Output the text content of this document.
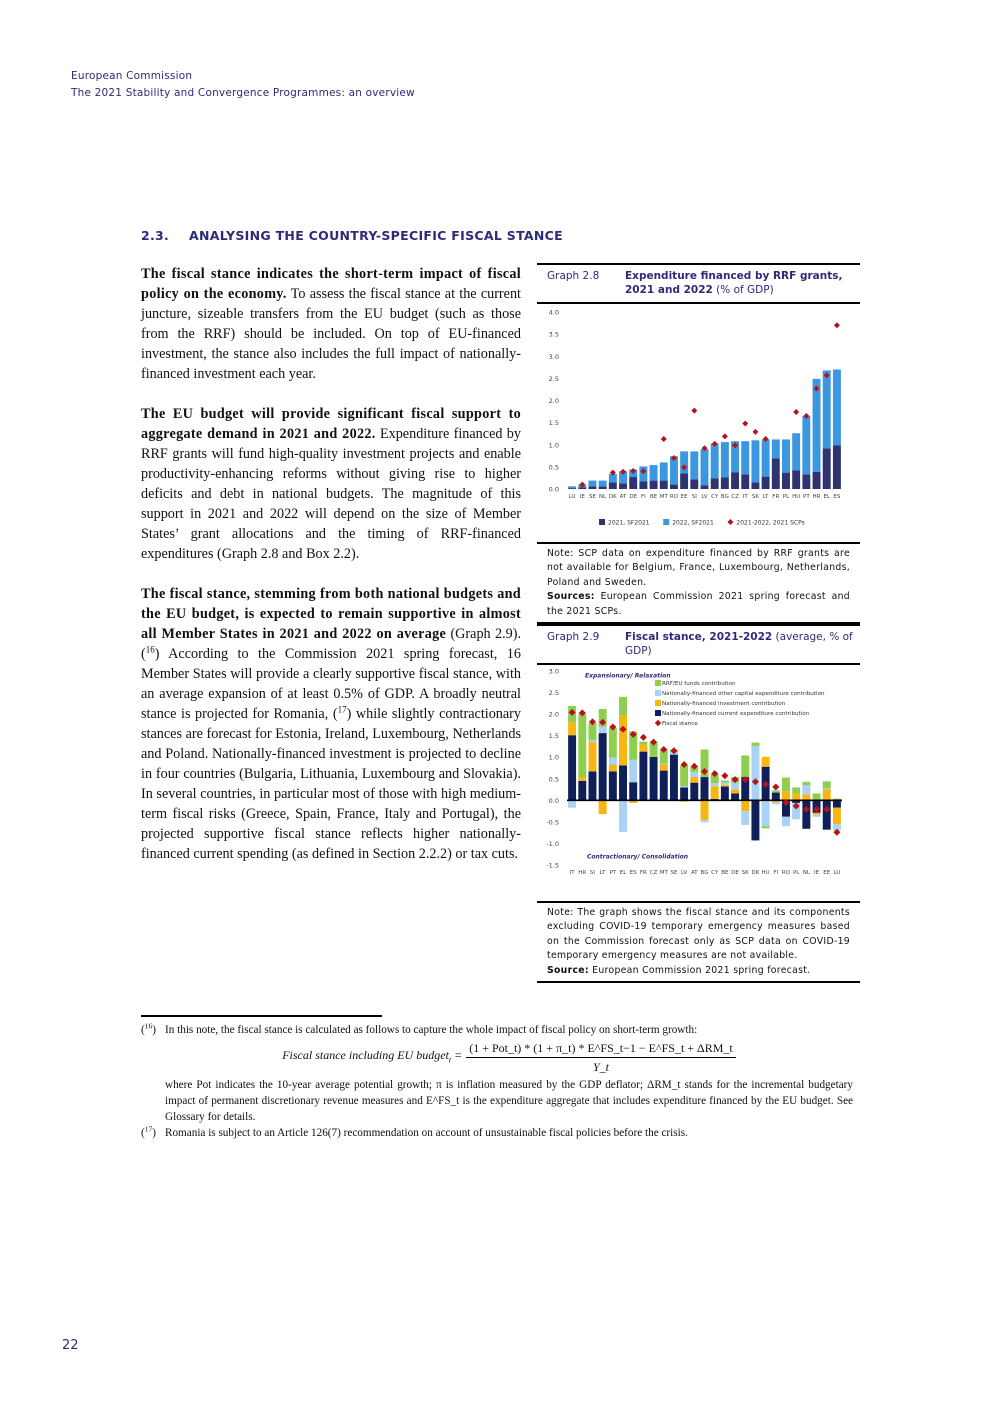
European Commission
The 2021 Stability and Convergence Programmes: an overview
2.3. ANALYSING THE COUNTRY-SPECIFIC FISCAL STANCE

The fiscal stance indicates the short-term impact of fiscal policy on the economy. To assess the fiscal stance at the current juncture, sizeable transfers from the EU budget (such as those from the RRF) should be included. On top of EU-financed investment, the stance also includes the full impact of nationally-financed investment each year.

The EU budget will provide significant fiscal support to aggregate demand in 2021 and 2022. Expenditure financed by RRF grants will fund high-quality investment projects and enable productivity-enhancing reforms without giving rise to higher deficits and debt in national budgets. The magnitude of this support in 2021 and 2022 will depend on the size of Member States’ grant allocations and the timing of RRF-financed expenditures (Graph 2.8 and Box 2.2).

The fiscal stance, stemming from both national budgets and the EU budget, is expected to remain supportive in almost all Member States in 2021 and 2022 on average (Graph 2.9). ($^{16}$) According to the Commission 2021 spring forecast, 16 Member States will provide a clearly supportive fiscal stance, with an average expansion of at least 0.5% of GDP. A broadly neutral stance is projected for Romania, ($^{17}$) while slightly contractionary stances are forecast for Estonia, Ireland, Luxembourg, Netherlands and Poland. Nationally-financed investment is projected to decline in four countries (Bulgaria, Lithuania, Luxembourg and Slovakia). In several countries, in particular most of those with high medium-term fiscal risks (Greece, Spain, France, Italy and Portugal), the projected supportive fiscal stance reflects higher nationally-financed current spending (as defined in Section 2.2.2) or tax cuts.

Graph 2.8	Expenditure financed by RRF grants, 2021 and 2022 (% of GDP)
0.0
0.5
1.0
1.5
2.0
2.5
3.0
3.5
4.0
LU IE SE NL DK AT DE FI BE MT RO EE SI LV CY BG CZ IT SK LT FR PL HU PT HR EL ES
2021, SF2021	2022, SF2021	2021-2022, 2021 SCPs
Note: SCP data on expenditure financed by RRF grants are not available for Belgium, France, Luxembourg, Netherlands, Poland and Sweden.
Sources: European Commission 2021 spring forecast and the 2021 SCPs.
Graph 2.9	Fiscal stance, 2021-2022 (average, % of GDP)
-1.5
-1.0
-0.5
0.0
0.5
1.0
1.5
2.0
2.5
3.0
Expansionary/ Relaxation
Contractionary/ Consolidation
IT HR SI LT PT EL ES FR CZ MT SE LV AT BG CY BE DE SK DK HU FI RO PL NL IE EE LU
RRF/EU funds contribution
Nationally-financed other capital expenditure contribution
Nationally-financed investment contribution
Nationally-financed current expenditure contribution
Fiscal stance
Note: The graph shows the fiscal stance and its components excluding COVID-19 temporary emergency measures based on the Commission forecast only as SCP data on COVID-19 temporary emergency measures are not available.
Source: European Commission 2021 spring forecast.
($^{16}$) In this note, the fiscal stance is calculated as follows to capture the whole impact of fiscal policy on short-term growth:
Fiscal stance including EU budget$_t$ = $\frac{\text{(1 + Pot\_t) * (1 + π\_t) * E\textasciicircum{}FS\_t−1 − E\textasciicircum{}FS\_t + ΔRM\_t}}{Y\_t}$
where Pot indicates the 10-year average potential growth; π is inflation measured by the GDP deflator; ΔRM_t stands for the incremental budgetary impact of permanent discretionary revenue measures and E^FS_t is the expenditure aggregate that includes expenditure financed by the EU budget. See Glossary for details.
($^{17}$) Romania is subject to an Article 126(7) recommendation on account of unsustainable fiscal policies before the crisis.
22
